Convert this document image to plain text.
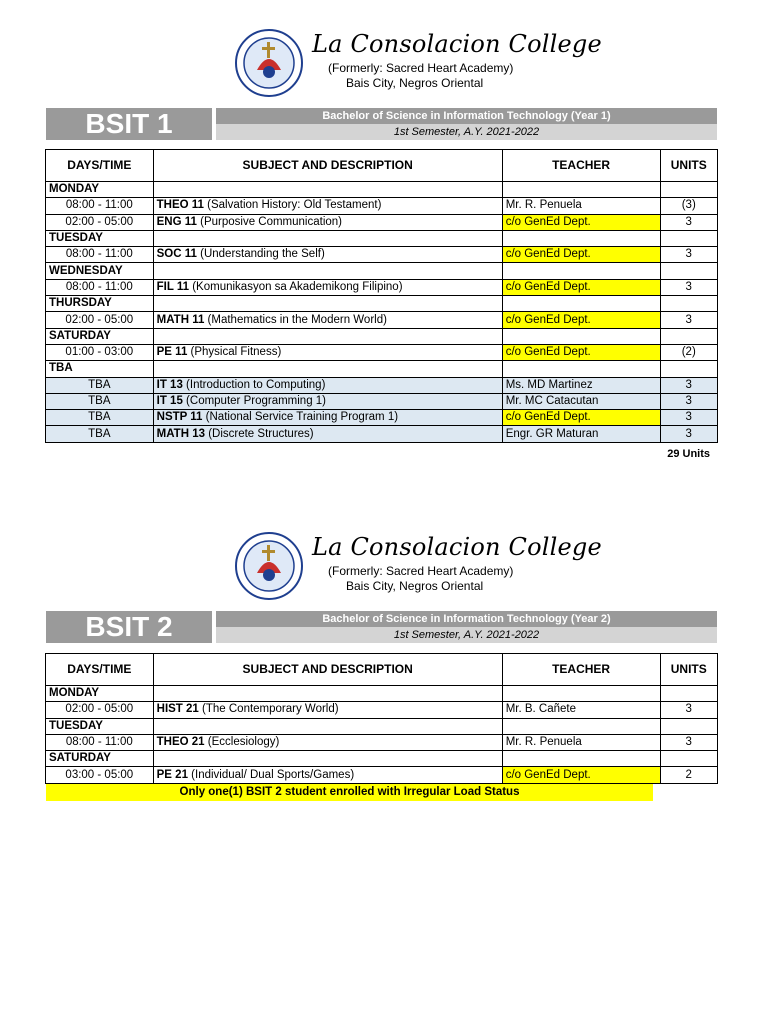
La Consolacion College
(Formerly: Sacred Heart Academy)
Bais City, Negros Oriental
BSIT 1	Bachelor of Science in Information Technology (Year 1)
1st Semester, A.Y. 2021-2022
DAYS/TIME	SUBJECT AND DESCRIPTION	TEACHER	UNITS
MONDAY			
08:00 - 11:00	THEO 11 (Salvation History: Old Testament)	Mr. R. Penuela	(3)
02:00 - 05:00	ENG 11 (Purposive Communication)	c/o GenEd Dept.	3
TUESDAY			
08:00 - 11:00	SOC 11 (Understanding the Self)	c/o GenEd Dept.	3
WEDNESDAY			
08:00 - 11:00	FIL 11 (Komunikasyon sa Akademikong Filipino)	c/o GenEd Dept.	3
THURSDAY			
02:00 - 05:00	MATH 11 (Mathematics in the Modern World)	c/o GenEd Dept.	3
SATURDAY			
01:00 - 03:00	PE 11 (Physical Fitness)	c/o GenEd Dept.	(2)
TBA			
TBA	IT 13 (Introduction to Computing)	Ms. MD Martinez	3
TBA	IT 15 (Computer Programming 1)	Mr. MC Catacutan	3
TBA	NSTP 11 (National Service Training Program 1)	c/o GenEd Dept.	3
TBA	MATH 13 (Discrete Structures)	Engr. GR Maturan	3
29 Units
La Consolacion College
(Formerly: Sacred Heart Academy)
Bais City, Negros Oriental
BSIT 2	Bachelor of Science in Information Technology (Year 2)
1st Semester, A.Y. 2021-2022
DAYS/TIME	SUBJECT AND DESCRIPTION	TEACHER	UNITS
MONDAY			
02:00 - 05:00	HIST 21 (The Contemporary World)	Mr. B. Cañete	3
TUESDAY			
08:00 - 11:00	THEO 21 (Ecclesiology)	Mr. R. Penuela	3
SATURDAY			
03:00 - 05:00	PE 21 (Individual/ Dual Sports/Games)	c/o GenEd Dept.	2
Only one(1) BSIT 2 student enrolled with Irregular Load Status
